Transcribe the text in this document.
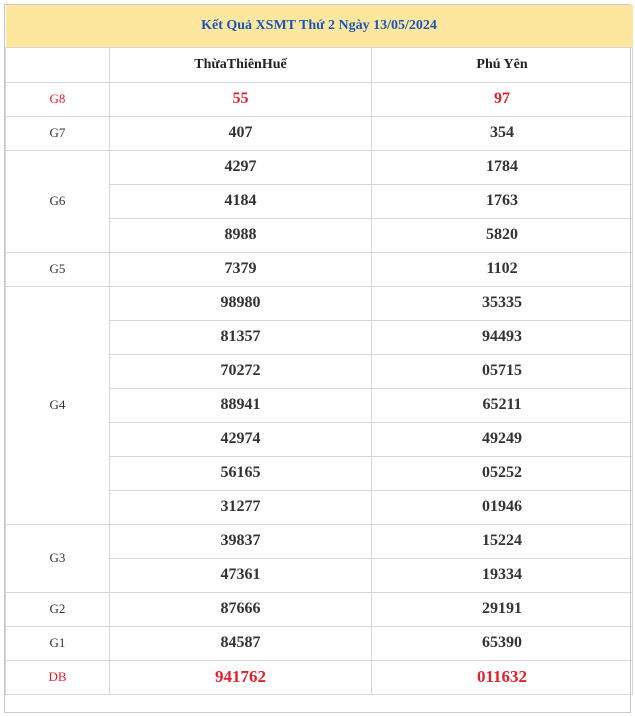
Kết Quả XSMT Thứ 2 Ngày 13/05/2024		
	ThừaThiênHuế	Phú Yên
G8	55	97
G7	407	354
G6	4297	1784
	4184	1763
	8988	5820
G5	7379	1102
G4	98980	35335
	81357	94493
	70272	05715
	88941	65211
	42974	49249
	56165	05252
	31277	01946
G3	39837	15224
	47361	19334
G2	87666	29191
G1	84587	65390
DB	941762	011632
